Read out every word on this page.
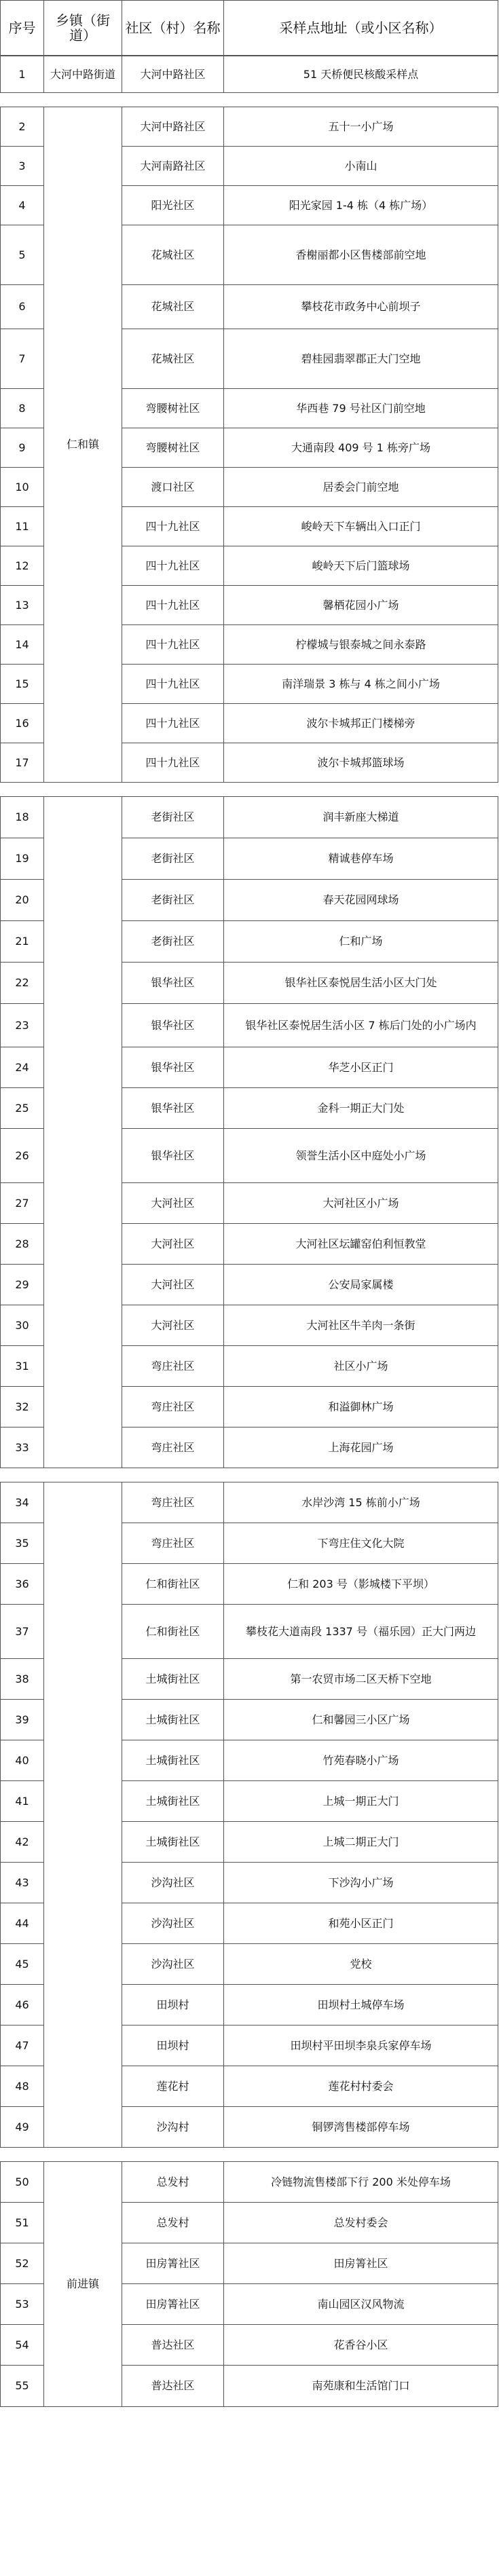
序号	乡镇（街道）	社区（村）名称	采样点地址（或小区名称）
1	大河中路街道	大河中路社区	51 天桥便民核酸采样点
2	仁和镇	大河中路社区	五十一小广场
3		大河南路社区	小南山
4		阳光社区	阳光家园 1-4 栋（4 栋广场）
5		花城社区	香榭丽都小区售楼部前空地
6		花城社区	攀枝花市政务中心前坝子
7		花城社区	碧桂园翡翠郡正大门空地
8		弯腰树社区	华西巷 79 号社区门前空地
9		弯腰树社区	大通南段 409 号 1 栋旁广场
10		渡口社区	居委会门前空地
11		四十九社区	峻岭天下车辆出入口正门
12		四十九社区	峻岭天下后门篮球场
13		四十九社区	馨栖花园小广场
14		四十九社区	柠檬城与银泰城之间永泰路
15		四十九社区	南洋瑞景 3 栋与 4 栋之间小广场
16		四十九社区	波尔卡城邦正门楼梯旁
17		四十九社区	波尔卡城邦篮球场
18		老街社区	润丰新座大梯道
19		老街社区	精诚巷停车场
20		老街社区	春天花园网球场
21		老街社区	仁和广场
22		银华社区	银华社区泰悦居生活小区大门处
23		银华社区	银华社区泰悦居生活小区 7 栋后门处的小广场内
24		银华社区	华芝小区正门
25		银华社区	金科一期正大门处
26		银华社区	领誉生活小区中庭处小广场
27		大河社区	大河社区小广场
28		大河社区	大河社区坛罐窑伯利恒教堂
29		大河社区	公安局家属楼
30		大河社区	大河社区牛羊肉一条街
31		弯庄社区	社区小广场
32		弯庄社区	和溢御林广场
33		弯庄社区	上海花园广场
34		弯庄社区	水岸沙湾 15 栋前小广场
35		弯庄社区	下弯庄住文化大院
36		仁和街社区	仁和 203 号（影城楼下平坝）
37		仁和街社区	攀枝花大道南段 1337 号（福乐园）正大门两边
38		土城街社区	第一农贸市场二区天桥下空地
39		土城街社区	仁和馨园三小区广场
40		土城街社区	竹苑春晓小广场
41		土城街社区	上城一期正大门
42		土城街社区	上城二期正大门
43		沙沟社区	下沙沟小广场
44		沙沟社区	和苑小区正门
45		沙沟社区	党校
46		田坝村	田坝村土城停车场
47		田坝村	田坝村平田坝李泉兵家停车场
48		莲花村	莲花村村委会
49		沙沟村	铜锣湾售楼部停车场
50	前进镇	总发村	冷链物流售楼部下行 200 米处停车场
51		总发村	总发村委会
52		田房箐社区	田房箐社区
53		田房箐社区	南山园区汉风物流
54		普达社区	花香谷小区
55		普达社区	南苑康和生活馆门口
